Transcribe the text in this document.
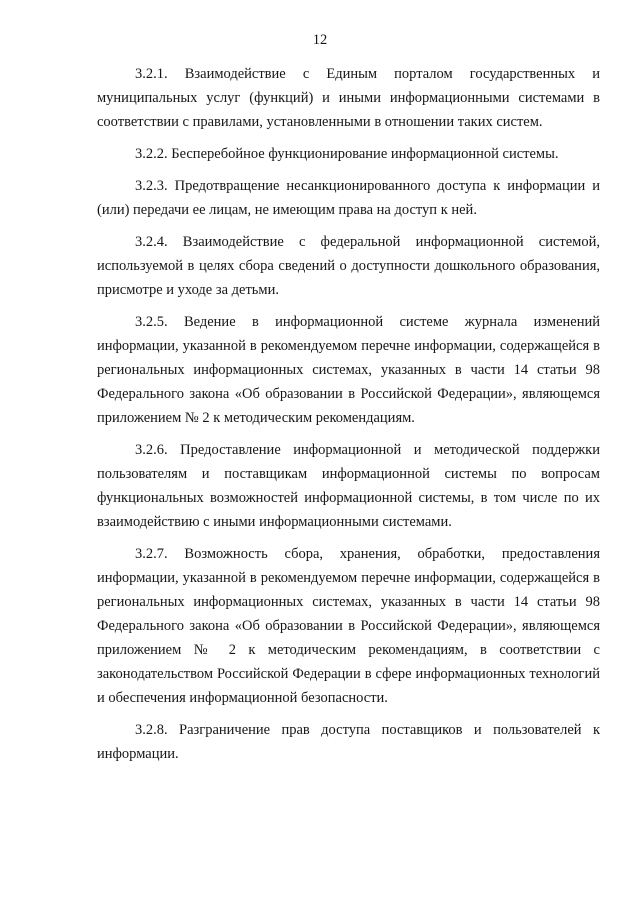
12

3.2.1. Взаимодействие с Единым порталом государственных и муниципальных услуг (функций) и иными информационными системами в соответствии с правилами, установленными в отношении таких систем.

3.2.2. Бесперебойное функционирование информационной системы.

3.2.3. Предотвращение несанкционированного доступа к информации и (или) передачи ее лицам, не имеющим права на доступ к ней.

3.2.4. Взаимодействие с федеральной информационной системой, используемой в целях сбора сведений о доступности дошкольного образования, присмотре и уходе за детьми.

3.2.5. Ведение в информационной системе журнала изменений информации, указанной в рекомендуемом перечне информации, содержащейся в региональных информационных системах, указанных в части 14 статьи 98 Федерального закона «Об образовании в Российской Федерации», являющемся приложением № 2 к методическим рекомендациям.

3.2.6. Предоставление информационной и методической поддержки пользователям и поставщикам информационной системы по вопросам функциональных возможностей информационной системы, в том числе по их взаимодействию с иными информационными системами.

3.2.7. Возможность сбора, хранения, обработки, предоставления информации, указанной в рекомендуемом перечне информации, содержащейся в региональных информационных системах, указанных в части 14 статьи 98 Федерального закона «Об образовании в Российской Федерации», являющемся приложением № 2 к методическим рекомендациям, в соответствии с законодательством Российской Федерации в сфере информационных технологий и обеспечения информационной безопасности.

3.2.8. Разграничение прав доступа поставщиков и пользователей к информации.
